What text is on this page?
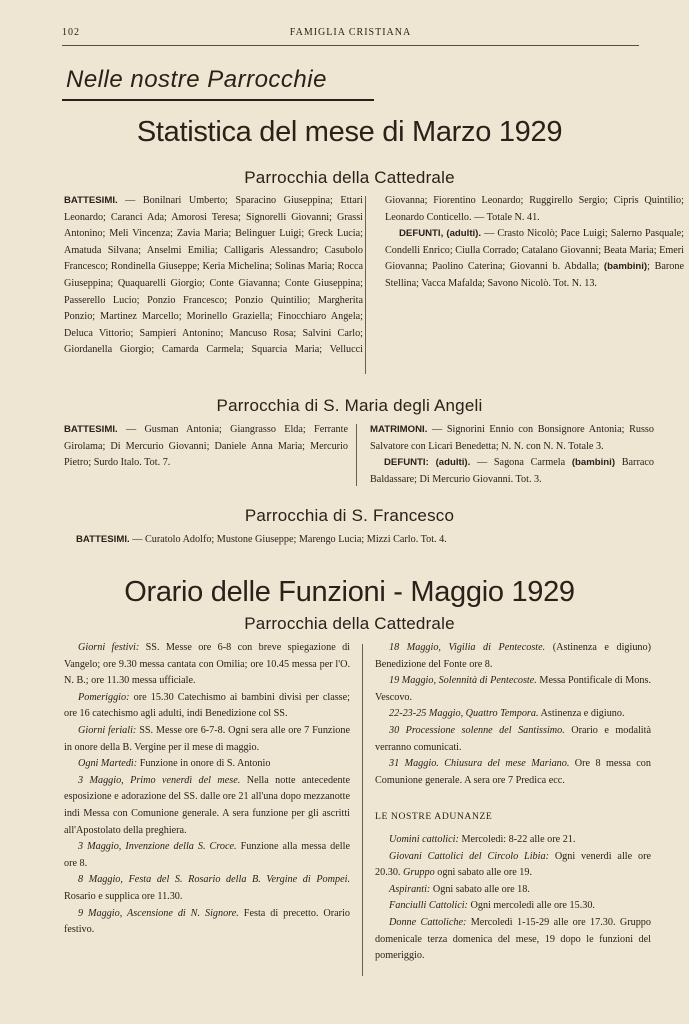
102	FAMIGLIA CRISTIANA
Nelle nostre Parrocchie
Statistica del mese di Marzo 1929
Parrocchia della Cattedrale

BATTESIMI. — Bonilnari Umberto; Sparacino Giuseppina; Ettari Leonardo; Caranci Ada; Amorosi Teresa; Signorelli Giovanni; Grassi Antonino; Meli Vincenza; Zavia Maria; Belinguer Luigi; Greck Lucia; Amatuda Silvana; Anselmi Emilia; Calligaris Alessandro; Casubolo Francesco; Rondinella Giuseppe; Keria Michelina; Solinas Maria; Rocca Giuseppina; Quaquarelli Giorgio; Conte Giavanna; Conte Giuseppina; Passerello Lucio; Ponzio Francesco; Ponzio Quintilio; Margherita Ponzio; Martinez Marcello; Morinello Graziella; Finocchiaro Angela; Deluca Vittorio; Sampieri Antonino; Mancuso Rosa; Salvini Carlo; Giordanella Giorgio; Camarda Carmela; Squarcia Maria; Vellucci Giovanna; Fiorentino Leonardo; Ruggirello Sergio; Cipris Quintilio; Leonardo Conticello. — Totale N. 41.

DEFUNTI, (adulti). — Crasto Nicolò; Pace Luigi; Salerno Pasquale; Condelli Enrico; Ciulla Corrado; Catalano Giovanni; Beata Maria; Emeri Giovanna; Paolino Caterina; Giovanni b. Abdalla; (bambini); Barone Stellina; Vacca Mafalda; Savono Nicolò. Tot. N. 13.

Parrocchia di S. Maria degli Angeli

BATTESIMI. — Gusman Antonia; Giangrasso Elda; Ferrante Girolama; Di Mercurio Giovanni; Daniele Anna Maria; Mercurio Pietro; Surdo Italo. Tot. 7.

MATRIMONI. — Signorini Ennio con Bonsignore Antonia; Russo Salvatore con Licari Benedetta; N. N. con N. N. Totale 3.

DEFUNTI: (adulti). — Sagona Carmela (bambini) Barraco Baldassare; Di Mercurio Giovanni. Tot. 3.

Parrocchia di S. Francesco

BATTESIMI. — Curatolo Adolfo; Mustone Giuseppe; Marengo Lucia; Mizzi Carlo. Tot. 4.

Orario delle Funzioni - Maggio 1929
Parrocchia della Cattedrale

Giorni festivi: SS. Messe ore 6-8 con breve spiegazione di Vangelo; ore 9.30 messa cantata con Omilia; ore 10.45 messa per l'O. N. B.; ore 11.30 messa ufficiale.

Pomeriggio: ore 15.30 Catechismo ai bambini divisi per classe; ore 16 catechismo agli adulti, indi Benedizione col SS.

Giorni feriali: SS. Messe ore 6-7-8. Ogni sera alle ore 7 Funzione in onore della B. Vergine per il mese di maggio.

Ogni Martedì: Funzione in onore di S. Antonio

3 Maggio, Primo venerdì del mese. Nella notte antecedente esposizione e adorazione del SS. dalle ore 21 all'una dopo mezzanotte indi Messa con Comunione generale. A sera funzione per gli ascritti all'Apostolato della preghiera.

3 Maggio, Invenzione della S. Croce. Funzione alla messa delle ore 8.

8 Maggio, Festa del S. Rosario della B. Vergine di Pompei. Rosario e supplica ore 11.30.

9 Maggio, Ascensione di N. Signore. Festa di precetto. Orario festivo.

18 Maggio, Vigilia di Pentecoste. (Astinenza e digiuno) Benedizione del Fonte ore 8.

19 Maggio, Solennità di Pentecoste. Messa Pontificale di Mons. Vescovo.

22-23-25 Maggio, Quattro Tempora. Astinenza e digiuno.

30 Processione solenne del Santissimo. Orario e modalità verranno comunicati.

31 Maggio. Chiusura del mese Mariano. Ore 8 messa con Comunione generale. A sera ore 7 Predica ecc.

LE NOSTRE ADUNANZE

Uomini cattolici: Mercoledì: 8-22 alle ore 21.

Giovani Cattolici del Circolo Libia: Ogni venerdì alle ore 20.30. Gruppo ogni sabato alle ore 19.

Aspiranti: Ogni sabato alle ore 18.

Fanciulli Cattolici: Ogni mercoledì alle ore 15.30.

Donne Cattoliche: Mercoledì 1-15-29 alle ore 17.30. Gruppo domenicale terza domenica del mese, 19 dopo le funzioni del pomeriggio.
